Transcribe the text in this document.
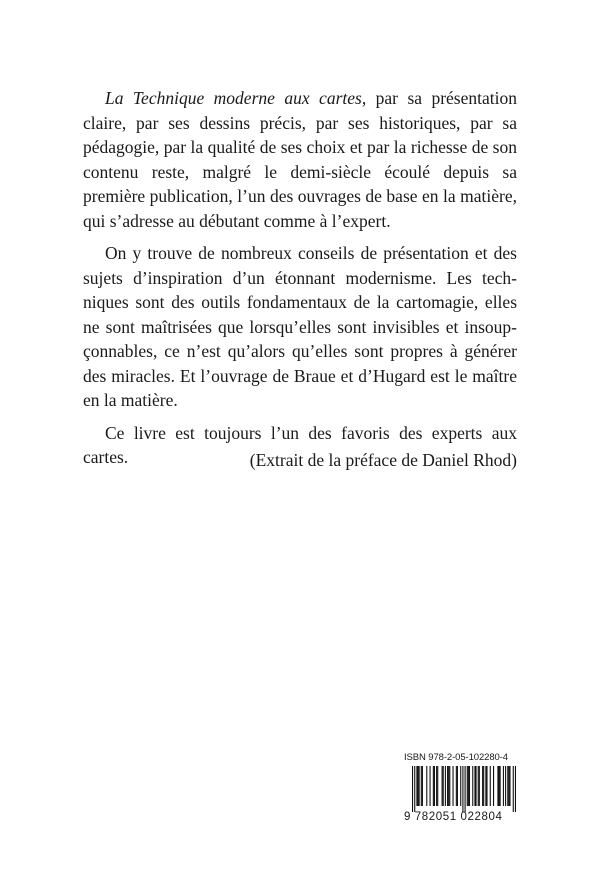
La Technique moderne aux cartes, par sa présentation claire, par ses dessins précis, par ses historiques, par sa pédagogie, par la qualité de ses choix et par la richesse de son contenu reste, malgré le demi-siècle écoulé depuis sa première publication, l’un des ouvrages de base en la matière, qui s’adresse au débutant comme à l’expert.

On y trouve de nombreux conseils de présentation et des sujets d’inspiration d’un étonnant modernisme. Les techniques sont des outils fondamentaux de la cartomagie, elles ne sont maîtrisées que lorsqu’elles sont invisibles et insoupçonnables, ce n’est qu’alors qu’elles sont propres à générer des miracles. Et l’ouvrage de Braue et d’Hugard est le maître en la matière.

Ce livre est toujours l’un des favoris des experts aux cartes.	(Extrait de la préface de Daniel Rhod)
ISBN 978-2-05-102280-4
9 782051 022804
